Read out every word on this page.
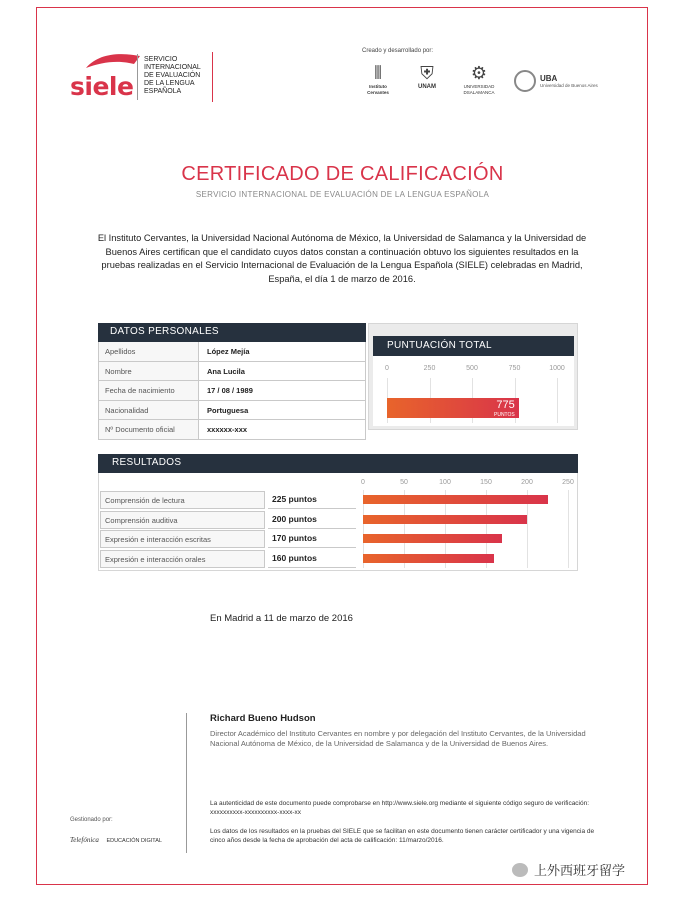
siele
SERVICIO
INTERNACIONAL
DE EVALUACIÓN
DE LA LENGUA
ESPAÑOLA
Creado y desarrollado por:
⫴
Instituto
Cervantes
⛨
UNAM
⚙
UNIVERSIDAD
DSALAMANCA
UBA
Universidad de Buenos Aires
CERTIFICADO DE CALIFICACIÓN
SERVICIO INTERNACIONAL DE EVALUACIÓN DE LA LENGUA ESPAÑOLA
El Instituto Cervantes, la Universidad Nacional Autónoma de México, la Universidad de Salamanca y la Universidad de Buenos Aires certifican que el candidato cuyos datos constan a continuación obtuvo los siguientes resultados en la pruebas realizadas en el Servicio Internacional de Evaluación de la Lengua Española (SIELE) celebradas en Madrid, España, el día 1 de marzo de 2016.
DATOS PERSONALES
Apellidos	López Mejía
Nombre	Ana Lucila
Fecha de nacimiento	17 / 08 / 1989
Nacionalidad	Portuguesa
Nº Documento oficial	xxxxxx-xxx
PUNTUACIÓN TOTAL
0	250	500	750	1000
775
PUNTOS
RESULTADOS
0	50	100	150	200	250
Comprensión de lectura	225 puntos
Comprensión auditiva	200 puntos
Expresión e interacción escritas	170 puntos
Expresión e interacción orales	160 puntos
En Madrid a 11 de marzo de 2016
Richard Bueno Hudson
Director Académico del Instituto Cervantes en nombre y por delegación del Instituto Cervantes, de la Universidad Nacional Autónoma de México, de la Universidad de Salamanca y de la Universidad de Buenos Aires.
La autenticidad de este documento puede comprobarse en http://www.siele.org mediante el siguiente código seguro de verificación: xxxxxxxxxx-xxxxxxxxxx-xxxx-xx
Los datos de los resultados en la pruebas del SIELE que se facilitan en este documento tienen carácter certificador y una vigencia de cinco años desde la fecha de aprobación del acta de calificación: 11/marzo/2016.
Gestionado por:
Telefónica EDUCACIÓN DIGITAL
上外西班牙留学
